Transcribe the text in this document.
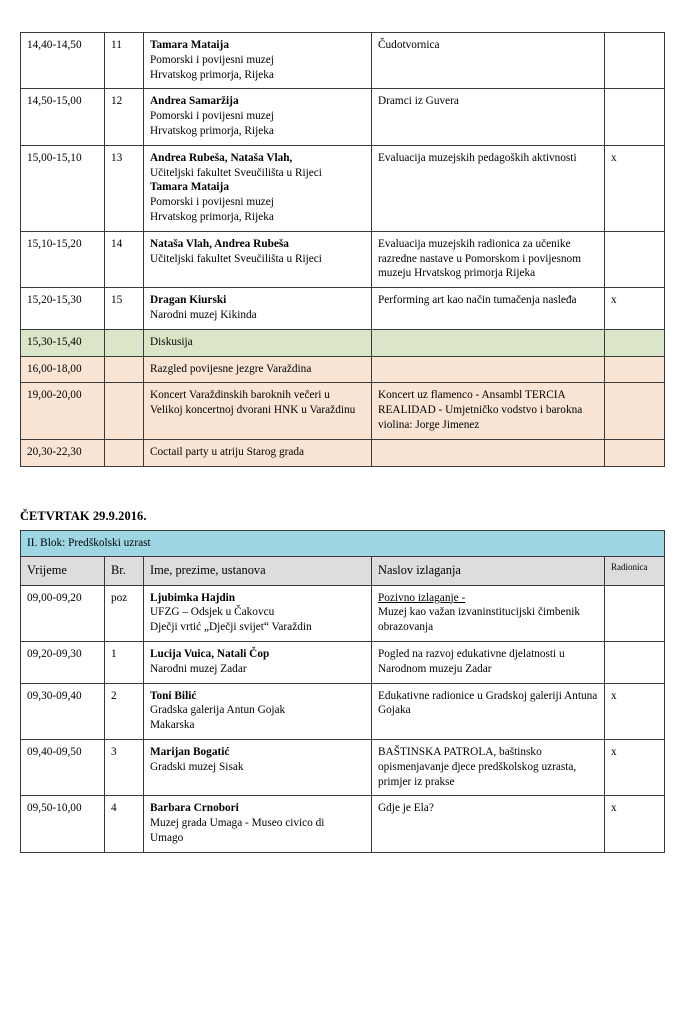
14,40-14,50	11	Tamara Mataija
Pomorski i povijesni muzej
Hrvatskog primorja, Rijeka	Čudotvornica	
14,50-15,00	12	Andrea Samaržija
Pomorski i povijesni muzej
Hrvatskog primorja, Rijeka	Dramci iz Guvera	
15,00-15,10	13	Andrea Rubeša, Nataša Vlah,
Učiteljski fakultet Sveučilišta u Rijeci
Tamara Mataija
Pomorski i povijesni muzej
Hrvatskog primorja, Rijeka	Evaluacija muzejskih pedagoških aktivnosti	x
15,10-15,20	14	Nataša Vlah, Andrea Rubeša
Učiteljski fakultet Sveučilišta u Rijeci	Evaluacija muzejskih radionica za učenike razredne nastave u Pomorskom i povijesnom muzeju Hrvatskog primorja Rijeka	
15,20-15,30	15	Dragan Kiurski
Narodni muzej Kikinda	Performing art kao način tumačenja nasleđa	x
15,30-15,40		Diskusija		
16,00-18,00		Razgled povijesne jezgre Varaždina		
19,00-20,00		Koncert Varaždinskih baroknih večeri u Velikoj koncertnoj dvorani HNK u Varaždinu	Koncert uz flamenco - Ansambl TERCIA REALIDAD - Umjetničko vodstvo i barokna violina: Jorge Jimenez	
20,30-22,30		Coctail party u atriju Starog grada		

ČETVRTAK 29.9.2016.

II. Blok: Predškolski uzrast				
Vrijeme	Br.	Ime, prezime, ustanova	Naslov izlaganja	Radionica
09,00-09,20	poz	Ljubimka Hajdin
UFZG – Odsjek u Čakovcu
Dječji vrtić „Dječji svijet“ Varaždin	Pozivno izlaganje -
Muzej kao važan izvaninstitucijski čimbenik obrazovanja	
09,20-09,30	1	Lucija Vuica, Natali Čop
Narodni muzej Zadar	Pogled na razvoj edukativne djelatnosti u Narodnom muzeju Zadar	
09,30-09,40	2	Toni Bilić
Gradska galerija Antun Gojak
Makarska	Edukativne radionice u Gradskoj galeriji Antuna Gojaka	x
09,40-09,50	3	Marijan Bogatić
Gradski muzej Sisak	BAŠTINSKA PATROLA, baštinsko opismenjavanje djece predškolskog uzrasta, primjer iz prakse	x
09,50-10,00	4	Barbara Crnobori
Muzej grada Umaga - Museo civico di
Umago	Gdje je Ela?	x
